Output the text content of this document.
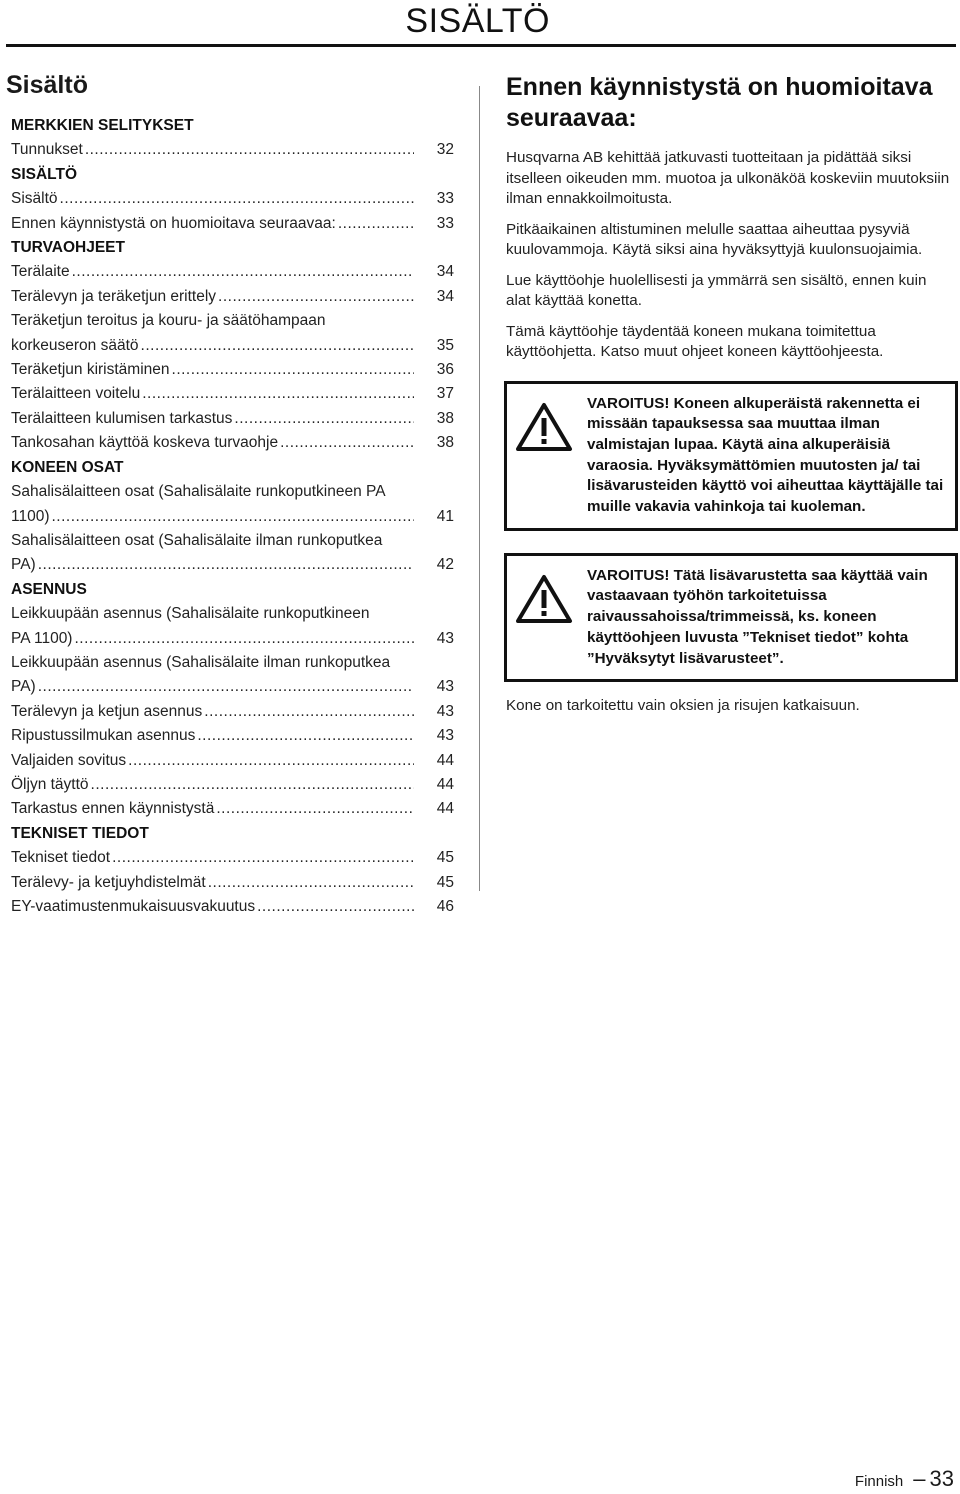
SISÄLTÖ
Sisältö
MERKKIEN SELITYKSET
Tunnukset .....	32
SISÄLTÖ
Sisältö .....	33
Ennen käynnistystä on huomioitava seuraavaa: .....	33
TURVAOHJEET
Terälaite .....	34
Terälevyn ja teräketjun erittely .....	34
Teräketjun teroitus ja kouru- ja säätöhampaan
korkeuseron säätö .....	35
Teräketjun kiristäminen .....	36
Terälaitteen voitelu .....	37
Terälaitteen kulumisen tarkastus .....	38
Tankosahan käyttöä koskeva turvaohje .....	38
KONEEN OSAT
Sahalisälaitteen osat (Sahalisälaite runkoputkineen PA
1100) .....	41
Sahalisälaitteen osat (Sahalisälaite ilman runkoputkea
PA) .....	42
ASENNUS
Leikkuupään asennus (Sahalisälaite runkoputkineen
PA 1100) .....	43
Leikkuupään asennus (Sahalisälaite ilman runkoputkea
PA) .....	43
Terälevyn ja ketjun asennus .....	43
Ripustussilmukan asennus .....	43
Valjaiden sovitus .....	44
Öljyn täyttö .....	44
Tarkastus ennen käynnistystä .....	44
TEKNISET TIEDOT
Tekniset tiedot .....	45
Terälevy- ja ketjuyhdistelmät .....	45
EY-vaatimustenmukaisuusvakuutus .....	46
Ennen käynnistystä on huomioitava seuraavaa:

Husqvarna AB kehittää jatkuvasti tuotteitaan ja pidättää siksi itselleen oikeuden mm. muotoa ja ulkonäköä koskeviin muutoksiin ilman ennakkoilmoitusta.

Pitkäaikainen altistuminen melulle saattaa aiheuttaa pysyviä kuulovammoja. Käytä siksi aina hyväksyttyjä kuulonsuojaimia.

Lue käyttöohje huolellisesti ja ymmärrä sen sisältö, ennen kuin alat käyttää konetta.

Tämä käyttöohje täydentää koneen mukana toimitettua käyttöohjetta. Katso muut ohjeet koneen käyttöohjeesta.

VAROITUS! Koneen alkuperäistä rakennetta ei missään tapauksessa saa muuttaa ilman valmistajan lupaa. Käytä aina alkuperäisiä varaosia. Hyväksymättömien muutosten ja/ tai lisävarusteiden käyttö voi aiheuttaa käyttäjälle tai muille vakavia vahinkoja tai kuoleman.
VAROITUS! Tätä lisävarustetta saa käyttää vain vastaavaan työhön tarkoitetuissa raivaussahoissa/trimmeissä, ks. koneen käyttöohjeen luvusta ”Tekniset tiedot” kohta ”Hyväksytyt lisävarusteet”.

Kone on tarkoitettu vain oksien ja risujen katkaisuun.

Finnish – 33
